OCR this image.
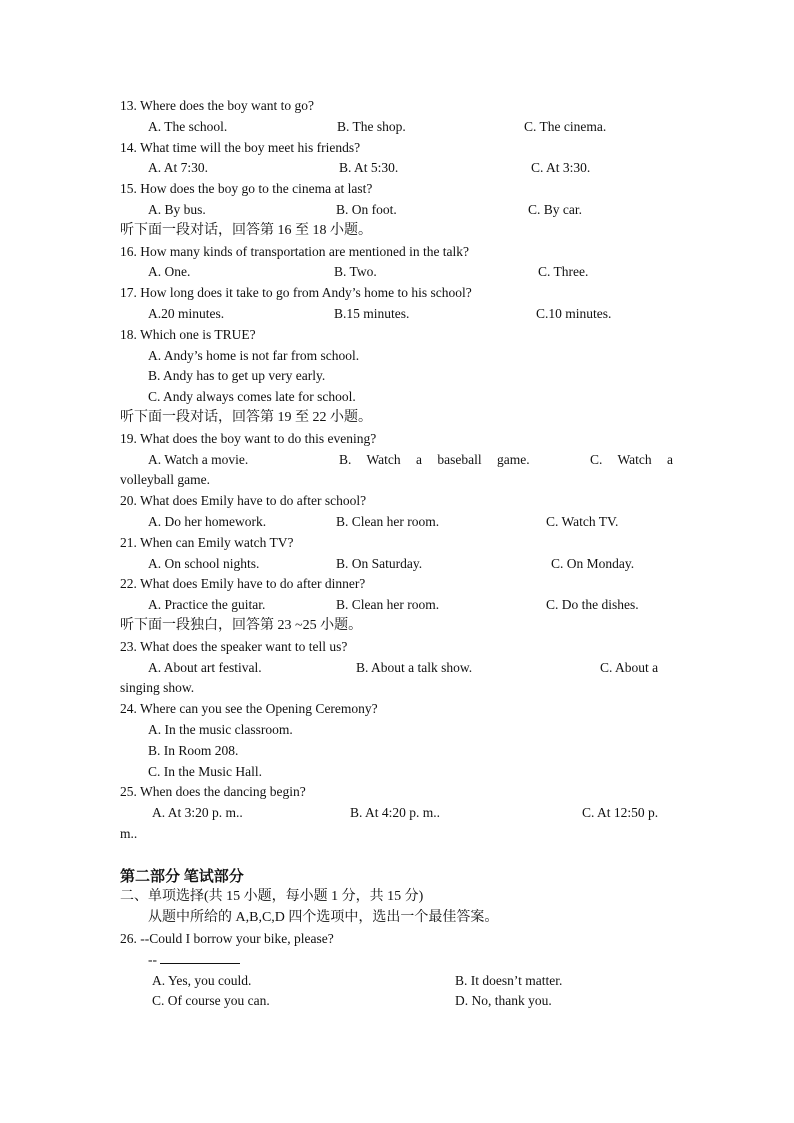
13. Where does the boy want to go?
A. The school.	B. The shop.	C. The cinema.
14. What time will the boy meet his friends?
A. At 7:30.	B. At 5:30.	C. At 3:30.
15. How does the boy go to the cinema at last?
A. By bus.	B. On foot.	C. By car.
听下面一段对话，回答第 16 至 18 小题。
16. How many kinds of transportation are mentioned in the talk?
A. One.	B. Two.	C. Three.
17. How long does it take to go from Andy’s home to his school?
A.20 minutes.	B.15 minutes.	C.10 minutes.
18. Which one is TRUE?
A. Andy’s home is not far from school.
B. Andy has to get up very early.
C. Andy always comes late for school.
听下面一段对话，回答第 19 至 22 小题。
19. What does the boy want to do this evening?
A. Watch a movie.	B. Watch a baseball game.	C. Watch a
volleyball game.
20. What does Emily have to do after school?
A. Do her homework.	B. Clean her room.	C. Watch TV.
21. When can Emily watch TV?
A. On school nights.	B. On Saturday.	C. On Monday.
22. What does Emily have to do after dinner?
A. Practice the guitar.	B. Clean her room.	C. Do the dishes.
听下面一段独白，回答第 23 ~25 小题。
23. What does the speaker want to tell us?
A. About art festival.	B. About a talk show.	C. About a
singing show.
24. Where can you see the Opening Ceremony?
A. In the music classroom.
B. In Room 208.
C. In the Music Hall.
25. When does the dancing begin?
A. At 3:20 p. m..	B. At 4:20 p. m..	C. At 12:50 p.
m..
第二部分 笔试部分
二、单项选择(共 15 小题，每小题 1 分，共 15 分)
从题中所给的 A,B,C,D 四个选项中，选出一个最佳答案。
26. --Could I borrow your bike, please?
--
A. Yes, you could.	B. It doesn’t matter.
C. Of course you can.	D. No, thank you.
